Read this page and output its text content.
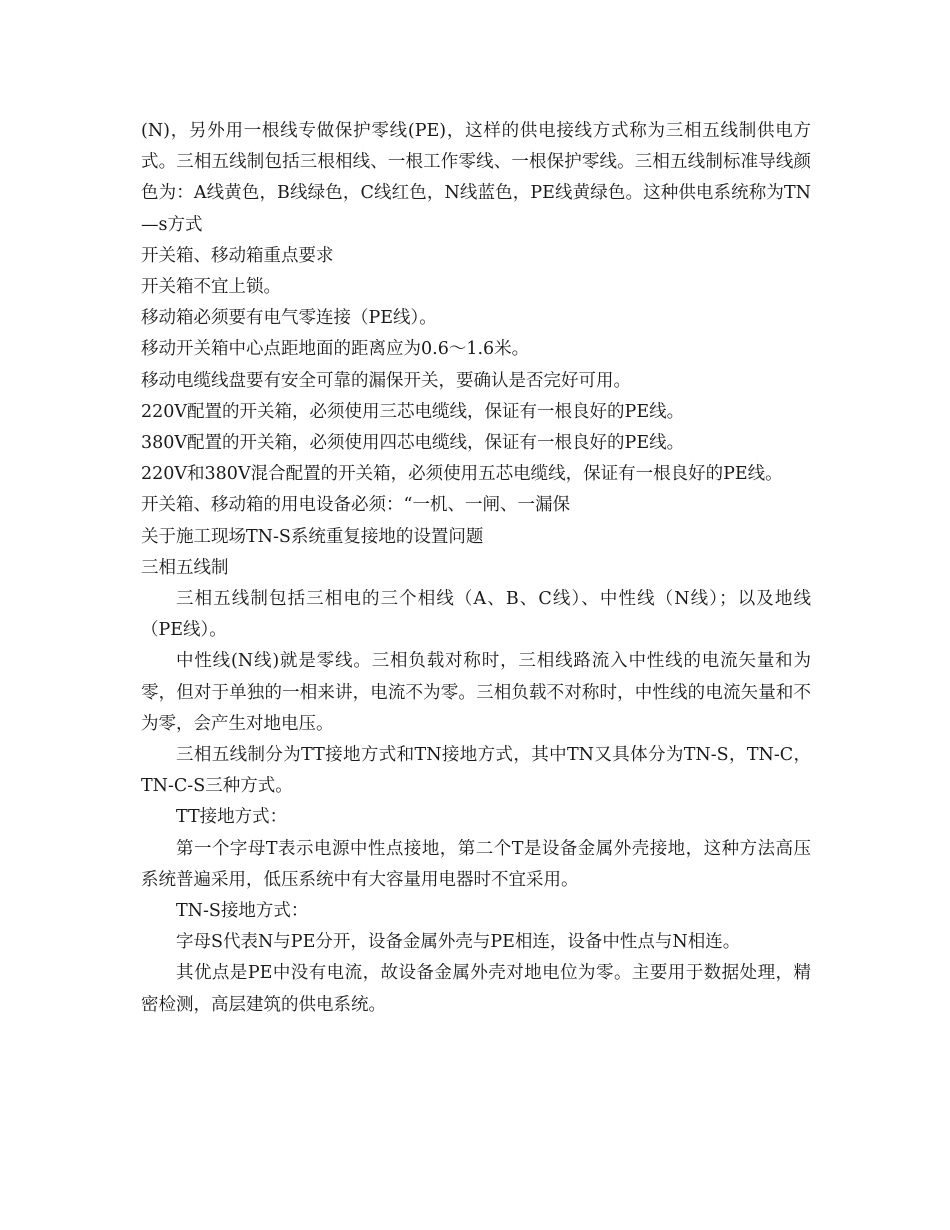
(N)，另外用一根线专做保护零线(PE)，这样的供电接线方式称为三相五线制供电方式。三相五线制包括三根相线、一根工作零线、一根保护零线。三相五线制标准导线颜色为：A线黄色，B线绿色，C线红色，N线蓝色，PE线黄绿色。这种供电系统称为TN—s方式

开关箱、移动箱重点要求

开关箱不宜上锁。

移动箱必须要有电气零连接（PE线）。

移动开关箱中心点距地面的距离应为0.6～1.6米。

移动电缆线盘要有安全可靠的漏保开关，要确认是否完好可用。

220V配置的开关箱，必须使用三芯电缆线，保证有一根良好的PE线。

380V配置的开关箱，必须使用四芯电缆线，保证有一根良好的PE线。

220V和380V混合配置的开关箱，必须使用五芯电缆线，保证有一根良好的PE线。

开关箱、移动箱的用电设备必须：“一机、一闸、一漏保

关于施工现场TN-S系统重复接地的设置问题

三相五线制

三相五线制包括三相电的三个相线（A、B、C线）、中性线（N线）；以及地线（PE线）。

中性线(N线)就是零线。三相负载对称时，三相线路流入中性线的电流矢量和为零，但对于单独的一相来讲，电流不为零。三相负载不对称时，中性线的电流矢量和不为零，会产生对地电压。

三相五线制分为TT接地方式和TN接地方式，其中TN又具体分为TN-S，TN-C，TN-C-S三种方式。

TT接地方式：

第一个字母T表示电源中性点接地，第二个T是设备金属外壳接地，这种方法高压系统普遍采用，低压系统中有大容量用电器时不宜采用。

TN-S接地方式：

字母S代表N与PE分开，设备金属外壳与PE相连，设备中性点与N相连。

其优点是PE中没有电流，故设备金属外壳对地电位为零。主要用于数据处理，精密检测，高层建筑的供电系统。
